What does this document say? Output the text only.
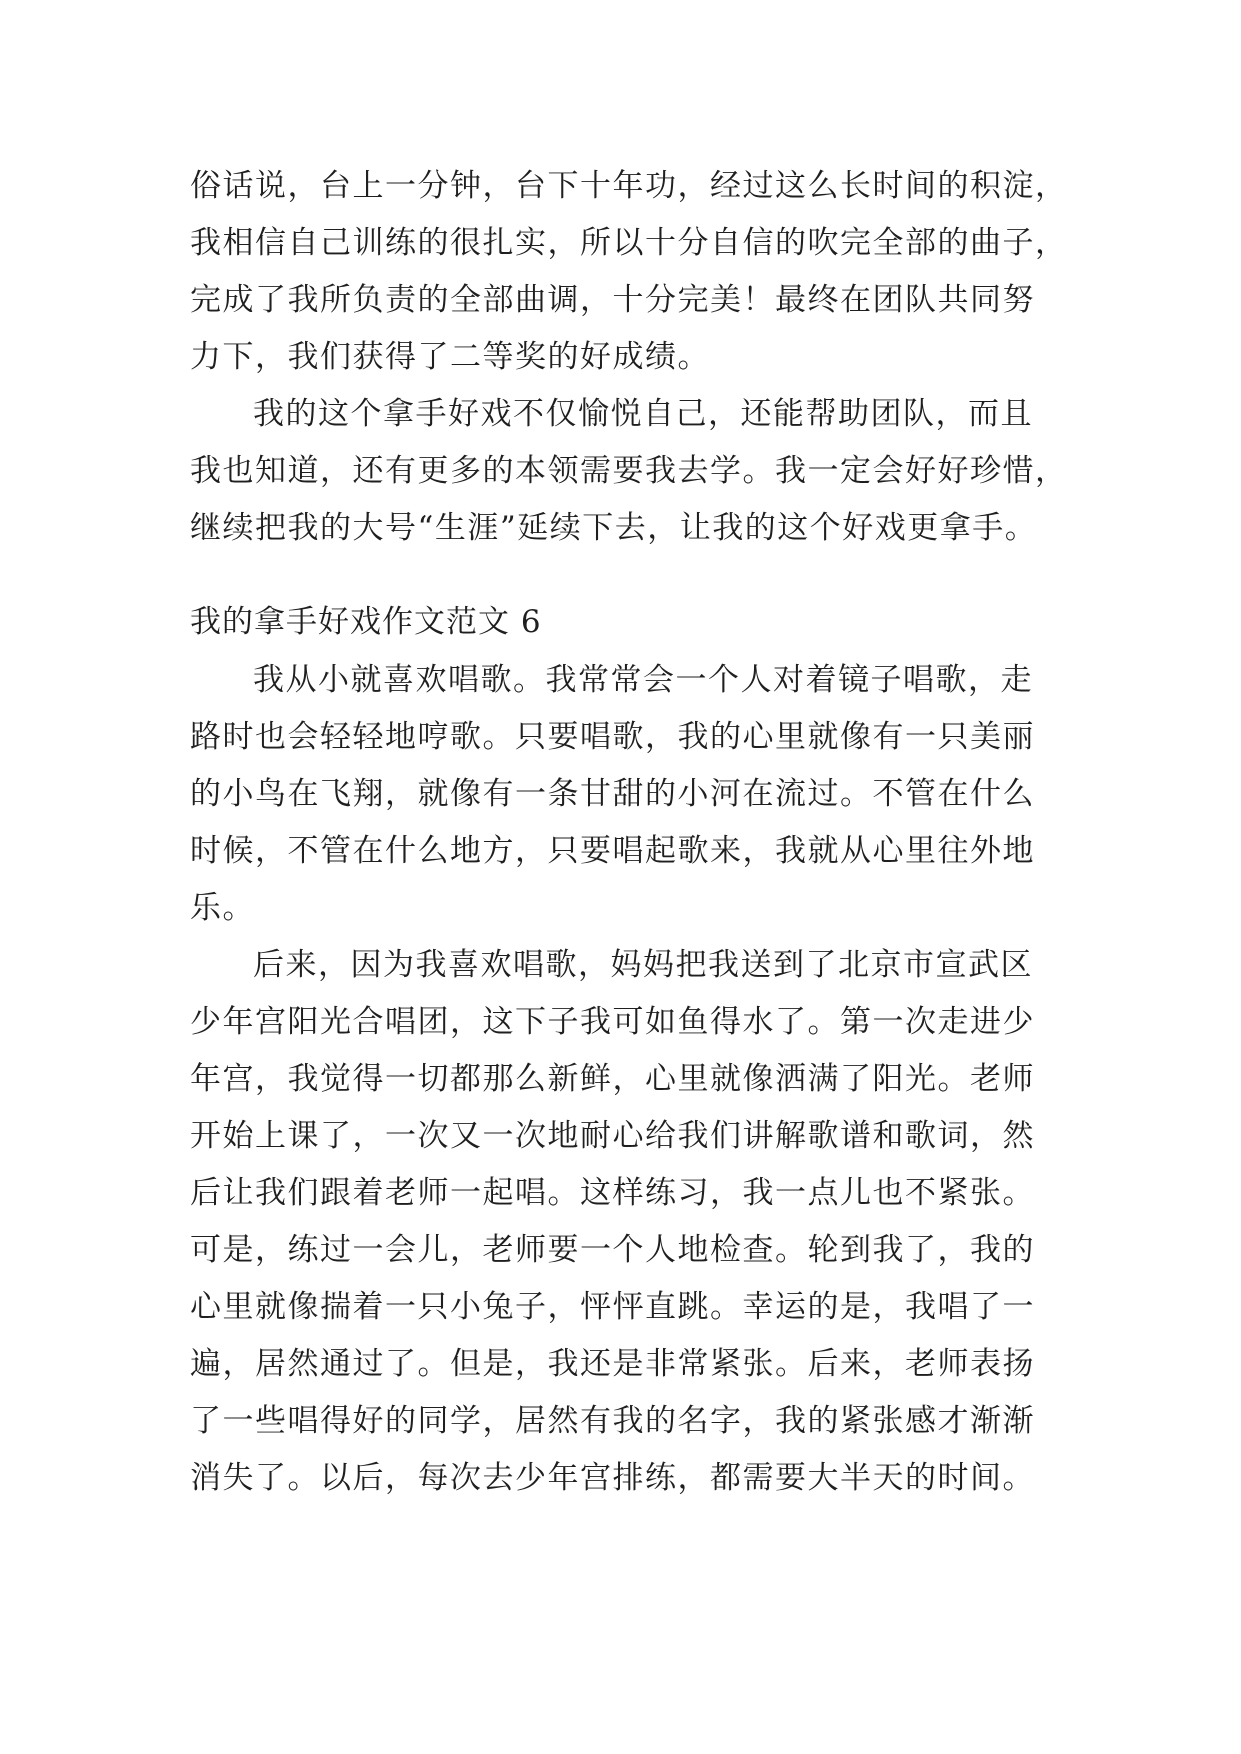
俗话说，台上一分钟，台下十年功，经过这么长时间的积淀，
我相信自己训练的很扎实，所以十分自信的吹完全部的曲子，
完成了我所负责的全部曲调，十分完美！最终在团队共同努
力下，我们获得了二等奖的好成绩。
我的这个拿手好戏不仅愉悦自己，还能帮助团队，而且
我也知道，还有更多的本领需要我去学。我一定会好好珍惜，
继续把我的大号“生涯”延续下去，让我的这个好戏更拿手。
我的拿手好戏作文范文 6
我从小就喜欢唱歌。我常常会一个人对着镜子唱歌，走
路时也会轻轻地哼歌。只要唱歌，我的心里就像有一只美丽
的小鸟在飞翔，就像有一条甘甜的小河在流过。不管在什么
时候，不管在什么地方，只要唱起歌来，我就从心里往外地
乐。
后来，因为我喜欢唱歌，妈妈把我送到了北京市宣武区
少年宫阳光合唱团，这下子我可如鱼得水了。第一次走进少
年宫，我觉得一切都那么新鲜，心里就像洒满了阳光。老师
开始上课了，一次又一次地耐心给我们讲解歌谱和歌词，然
后让我们跟着老师一起唱。这样练习，我一点儿也不紧张。
可是，练过一会儿，老师要一个人地检查。轮到我了，我的
心里就像揣着一只小兔子，怦怦直跳。幸运的是，我唱了一
遍，居然通过了。但是，我还是非常紧张。后来，老师表扬
了一些唱得好的同学，居然有我的名字，我的紧张感才渐渐
消失了。以后，每次去少年宫排练，都需要大半天的时间。
